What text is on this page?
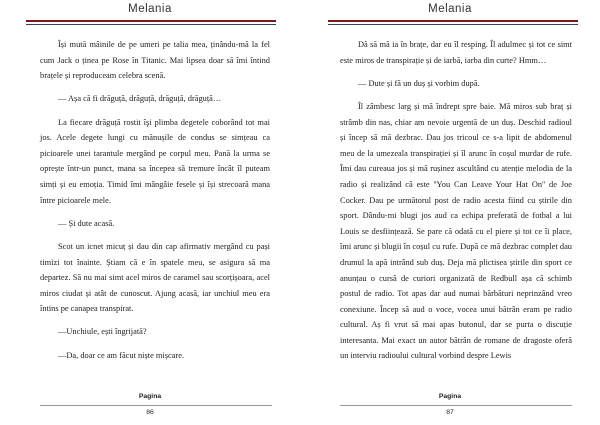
Melania

Își mută mâinile de pe umeri pe talia mea, ținându-mă la fel cum Jack o ținea pe Rose în Titanic. Mai lipsea doar să îmi întind brațele și reproduceam celebra scenă.

— Așa că fi drăguță, drăguță, drăguță, drăguță…

La fiecare drăguță rostit îşi plimba degetele coborând tot mai jos. Acele degete lungi cu mănușile de condus se simțeau ca picioarele unei tarantule mergând pe corpul meu. Pană la urma se oprește într-un punct, mana sa începea să tremure încât îl puteam simți și eu emoția. Timid îmi mângâie fesele și își strecoară mana între picioarele mele.

— Și dute acasă.

Scot un icnet micuț și dau din cap afirmativ mergând cu pași timizi tot înainte. Știam că e în spatele meu, se asigura să ma departez. Să nu mai simt acel miros de caramel sau scorțișoara, acel miros ciudat și atât de cunoscut. Ajung acasă, iar unchiul meu era întins pe canapea transpirat.

—Unchiule, ești îngrijată?

—Da, doar ce am făcut niște mișcare.

Pagina
86
Melania

Dă să mă ia în brațe, dar eu îl resping. Îl adulmec și tot ce simt este miros de transpirație și de iarbă, iarba din curte? Hmm…

— Dute și fă un duș și vorbim după.

Îl zâmbesc larg și mă îndrept spre baie. Mă miros sub braț și strâmb din nas, chiar am nevoie urgentă de un duș. Deschid radioul și încep să mă dezbrac. Dau jos tricoul ce s-a lipit de abdomenul meu de la umezeala transpirației și îl arunc în coșul murdar de rufe. Îmi dau cureaua jos și mă rușinez ascultând cu atenție melodia de la radio și realizând că este ''You Can Leave Your Hat On'' de Joe Cocker. Dau pe următorul post de radio acesta fiind cu știrile din sport. Dându-mi blugi jos aud ca echipa preferată de fotbal a lui Louis se desființează. Se pare că odată cu el piere și tot ce îi place, îmi arunc și blugii în coșul cu rufe. După ce mă dezbrac complet dau drumul la apă intrând sub duș. Deja mă plictisea știrile din sport ce anunțau o cursă de curiori organizată de Redbull așa că schimb postul de radio. Tot apas dar aud numai bărbături neprinzând vreo conexiune. Încep să aud o voce, vocea unui bătrân eram pe radio cultural. Aș fi vrut să mai apas butonul, dar se purta o discuție interesanta. Mai exact un autor bătrân de romane de dragoste oferă un interviu radioului cultural vorbind despre Lewis

Pagina
87
